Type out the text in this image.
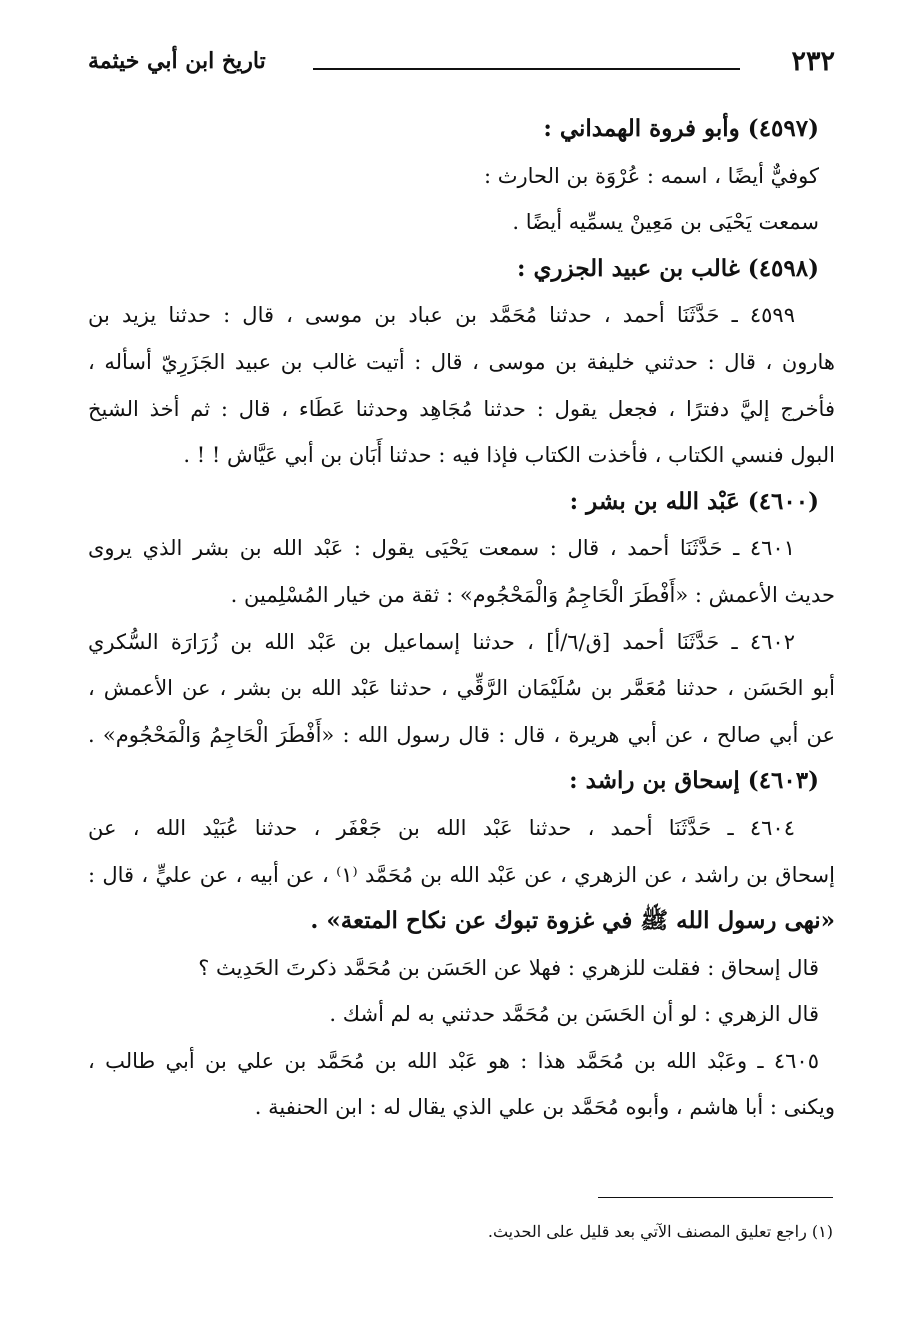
٢٣٢
تاريخ ابن أبي خيثمة
(٤٥٩٧) وأبو فروة الهمداني :
كوفيٌّ أيضًا ، اسمه : عُرْوَة بن الحارث :
سمعت يَحْيَى بن مَعِينْ يسمِّيه أيضًا .
(٤٥٩٨) غالب بن عبيد الجزري :
٤٥٩٩ ـ حَدَّثَنَا أحمد ، حدثنا مُحَمَّد بن عباد بن موسى ، قال : حدثنا يزيد بن
هارون ، قال : حدثني خليفة بن موسى ، قال : أتيت غالب بن عبيد الجَزَرِيّ أسأله ،
فأخرج إليَّ دفترًا ، فجعل يقول : حدثنا مُجَاهِد وحدثنا عَطَاء ، قال : ثم أخذ الشيخ
البول فنسي الكتاب ، فأخذت الكتاب فإذا فيه : حدثنا أَبَان بن أبي عَيَّاش ! ! .
(٤٦٠٠) عَبْد الله بن بشر :
٤٦٠١ ـ حَدَّثَنَا أحمد ، قال : سمعت يَحْيَى يقول : عَبْد الله بن بشر الذي يروى
حديث الأعمش : «أَفْطَرَ الْحَاجِمُ وَالْمَحْجُوم» : ثقة من خيار المُسْلِمين .
٤٦٠٢ ـ حَدَّثَنَا أحمد [ق/٦/أ] ، حدثنا إسماعيل بن عَبْد الله بن زُرَارَة السُّكري
أبو الحَسَن ، حدثنا مُعَمَّر بن سُلَيْمَان الرَّقِّي ، حدثنا عَبْد الله بن بشر ، عن الأعمش ،
عن أبي صالح ، عن أبي هريرة ، قال : قال رسول الله : «أَفْطَرَ الْحَاجِمُ وَالْمَحْجُوم» .
(٤٦٠٣) إسحاق بن راشد :
٤٦٠٤ ـ حَدَّثَنَا أحمد ، حدثنا عَبْد الله بن جَعْفَر ، حدثنا عُبَيْد الله ، عن
إسحاق بن راشد ، عن الزهري ، عن عَبْد الله بن مُحَمَّد ⁽١⁾ ، عن أبيه ، عن عليٍّ ، قال :
«نهى رسول الله ﷺ في غزوة تبوك عن نكاح المتعة» .
قال إسحاق : فقلت للزهري : فهلا عن الحَسَن بن مُحَمَّد ذكرتَ الحَدِيث ؟
قال الزهري : لو أن الحَسَن بن مُحَمَّد حدثني به لم أشك .
٤٦٠٥ ـ وعَبْد الله بن مُحَمَّد هذا : هو عَبْد الله بن مُحَمَّد بن علي بن أبي طالب ،
ويكنى : أبا هاشم ، وأبوه مُحَمَّد بن علي الذي يقال له : ابن الحنفية .
(١) راجع تعليق المصنف الآتي بعد قليل على الحديث.
